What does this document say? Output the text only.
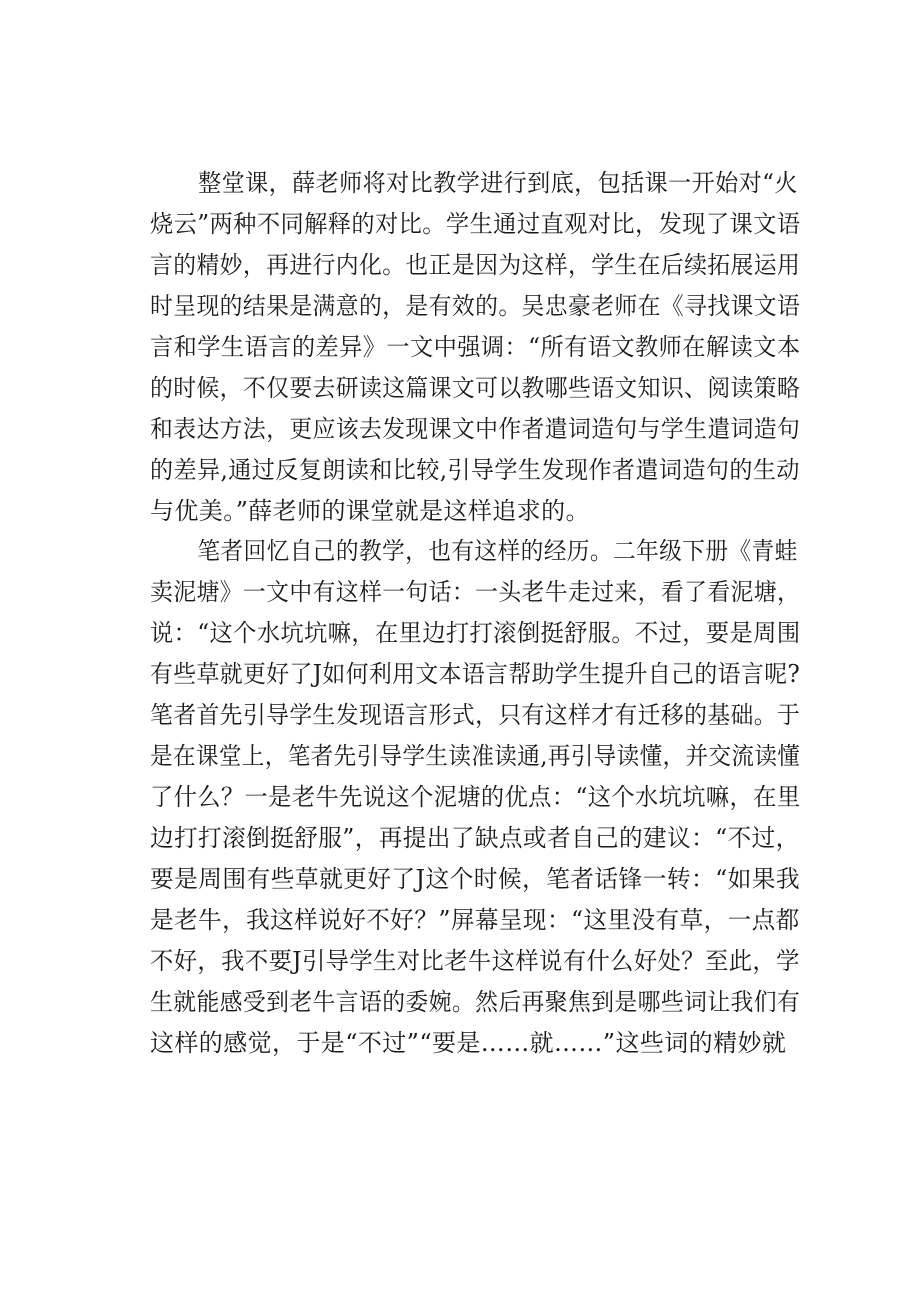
整堂课，薛老师将对比教学进行到底，包括课一开始对“火
烧云”两种不同解释的对比。学生通过直观对比，发现了课文语
言的精妙，再进行内化。也正是因为这样，学生在后续拓展运用
时呈现的结果是满意的，是有效的。吴忠豪老师在《寻找课文语
言和学生语言的差异》一文中强调：“所有语文教师在解读文本
的时候，不仅要去研读这篇课文可以教哪些语文知识、阅读策略
和表达方法，更应该去发现课文中作者遣词造句与学生遣词造句
的差异,通过反复朗读和比较,引导学生发现作者遣词造句的生动
与优美。”薛老师的课堂就是这样追求的。
笔者回忆自己的教学，也有这样的经历。二年级下册《青蛙
卖泥塘》一文中有这样一句话：一头老牛走过来，看了看泥塘，
说：“这个水坑坑嘛，在里边打打滚倒挺舒服。不过，要是周围
有些草就更好了J如何利用文本语言帮助学生提升自己的语言呢?
笔者首先引导学生发现语言形式，只有这样才有迁移的基础。于
是在课堂上，笔者先引导学生读准读通,再引导读懂，并交流读懂
了什么？一是老牛先说这个泥塘的优点：“这个水坑坑嘛，在里
边打打滚倒挺舒服”，再提出了缺点或者自己的建议：“不过，
要是周围有些草就更好了J这个时候，笔者话锋一转：“如果我
是老牛，我这样说好不好？”屏幕呈现：“这里没有草，一点都
不好，我不要J引导学生对比老牛这样说有什么好处？至此，学
生就能感受到老牛言语的委婉。然后再聚焦到是哪些词让我们有
这样的感觉，于是“不过”“要是……就……”这些词的精妙就
